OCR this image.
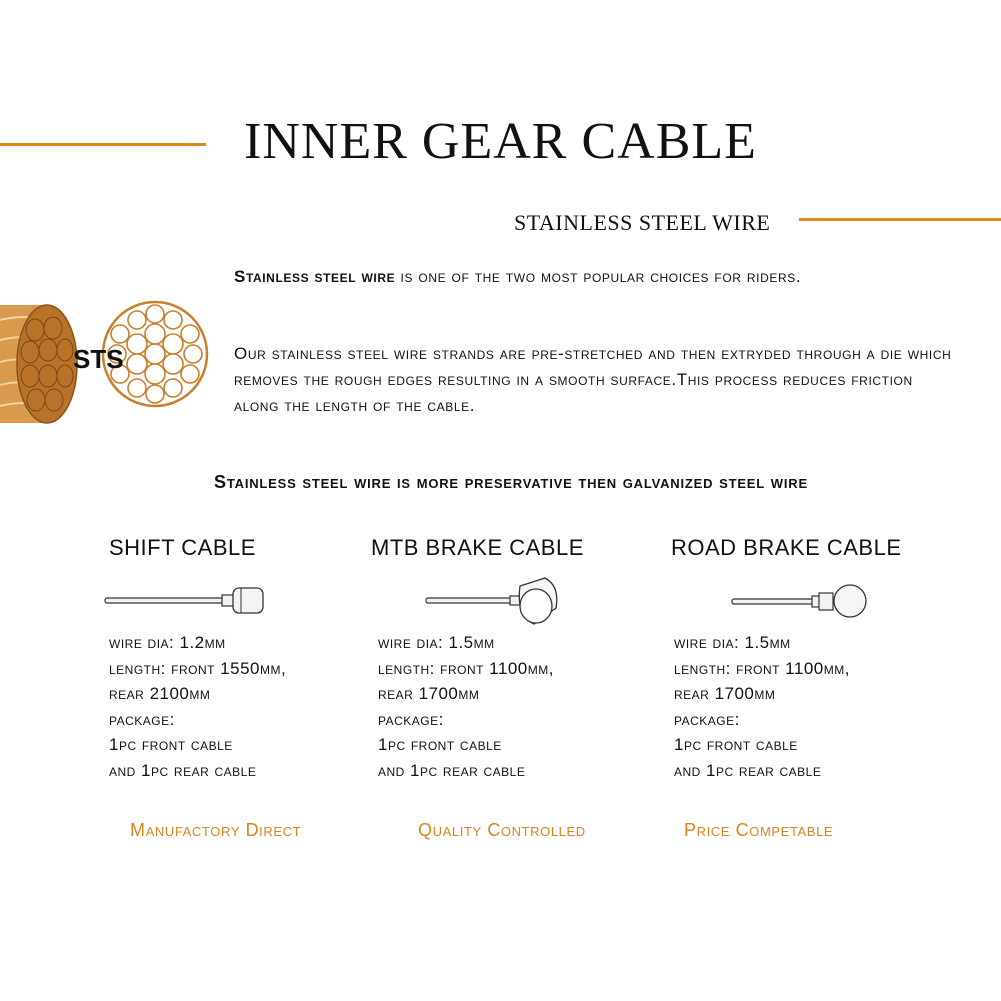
INNER GEAR CABLE
STAINLESS STEEL WIRE
STS
Stainless steel wire is one of the two most popular choices for riders.
Our stainless steel wire strands are pre-stretched and then extryded through a die which removes the rough edges resulting in a smooth surface.This process reduces friction along the length of the cable.
Stainless steel wire is more preservative then galvanized steel wire
SHIFT CABLE	MTB BRAKE CABLE	ROAD BRAKE CABLE
wire dia: 1.2mm
length: front 1550mm,
rear 2100mm
package:
1pc front cable
and 1pc rear cable
wire dia: 1.5mm
length: front 1100mm,
rear 1700mm
package:
1pc front cable
and 1pc rear cable
wire dia: 1.5mm
length: front 1100mm,
rear 1700mm
package:
1pc front cable
and 1pc rear cable
Manufactory Direct	Quality Controlled	Price Competable
